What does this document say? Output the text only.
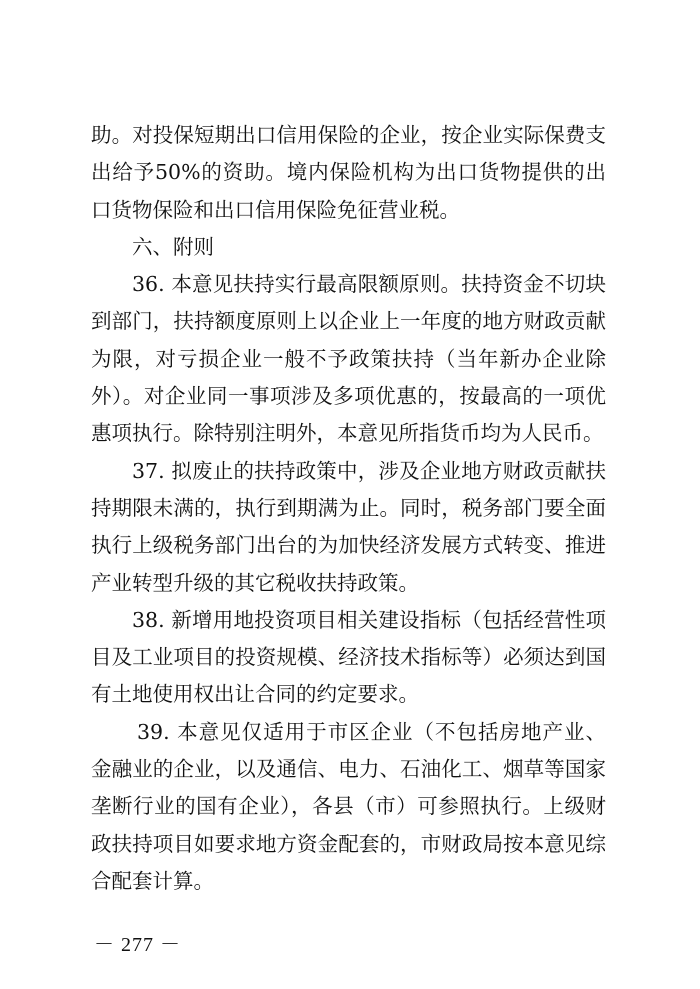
助。对投保短期出口信用保险的企业，按企业实际保费支出给予50%的资助。境内保险机构为出口货物提供的出口货物保险和出口信用保险免征营业税。

六、附则

36. 本意见扶持实行最高限额原则。扶持资金不切块到部门，扶持额度原则上以企业上一年度的地方财政贡献为限，对亏损企业一般不予政策扶持（当年新办企业除外）。对企业同一事项涉及多项优惠的，按最高的一项优惠项执行。除特别注明外，本意见所指货币均为人民币。

37. 拟废止的扶持政策中，涉及企业地方财政贡献扶持期限未满的，执行到期满为止。同时，税务部门要全面执行上级税务部门出台的为加快经济发展方式转变、推进产业转型升级的其它税收扶持政策。

38. 新增用地投资项目相关建设指标（包括经营性项目及工业项目的投资规模、经济技术指标等）必须达到国有土地使用权出让合同的约定要求。

39. 本意见仅适用于市区企业（不包括房地产业、金融业的企业，以及通信、电力、石油化工、烟草等国家垄断行业的国有企业），各县（市）可参照执行。上级财政扶持项目如要求地方资金配套的，市财政局按本意见综合配套计算。

－ 277 －
